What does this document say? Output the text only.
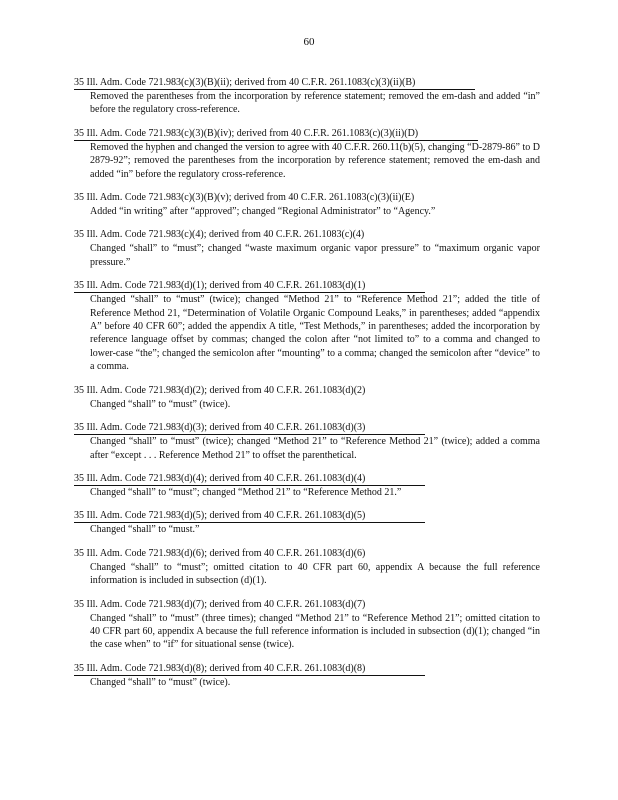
60
35 Ill. Adm. Code 721.983(c)(3)(B)(ii); derived from 40 C.F.R. 261.1083(c)(3)(ii)(B)
Removed the parentheses from the incorporation by reference statement; removed the em-dash and added “in” before the regulatory cross-reference.
35 Ill. Adm. Code 721.983(c)(3)(B)(iv); derived from 40 C.F.R. 261.1083(c)(3)(ii)(D)
Removed the hyphen and changed the version to agree with 40 C.F.R. 260.11(b)(5), changing “D-2879-86” to D 2879-92”; removed the parentheses from the incorporation by reference statement; removed the em-dash and added “in” before the regulatory cross-reference.
35 Ill. Adm. Code 721.983(c)(3)(B)(v); derived from 40 C.F.R. 261.1083(c)(3)(ii)(E)
Added “in writing” after “approved”; changed “Regional Administrator” to “Agency.”
35 Ill. Adm. Code 721.983(c)(4); derived from 40 C.F.R. 261.1083(c)(4)
Changed “shall” to “must”; changed “waste maximum organic vapor pressure” to “maximum organic vapor pressure.”
35 Ill. Adm. Code 721.983(d)(1); derived from 40 C.F.R. 261.1083(d)(1)
Changed “shall” to “must” (twice); changed “Method 21” to “Reference Method 21”; added the title of Reference Method 21, “Determination of Volatile Organic Compound Leaks,” in parentheses; added “appendix A” before 40 CFR 60”; added the appendix A title, “Test Methods,” in parentheses; added the incorporation by reference language offset by commas; changed the colon after “not limited to” to a comma and changed to lower-case “the”; changed the semicolon after “mounting” to a comma; changed the semicolon after “device” to a comma.
35 Ill. Adm. Code 721.983(d)(2); derived from 40 C.F.R. 261.1083(d)(2)
Changed “shall” to “must” (twice).
35 Ill. Adm. Code 721.983(d)(3); derived from 40 C.F.R. 261.1083(d)(3)
Changed “shall” to “must” (twice); changed “Method 21” to “Reference Method 21” (twice); added a comma after “except . . . Reference Method 21” to offset the parenthetical.
35 Ill. Adm. Code 721.983(d)(4); derived from 40 C.F.R. 261.1083(d)(4)
Changed “shall” to “must”; changed “Method 21” to “Reference Method 21.”
35 Ill. Adm. Code 721.983(d)(5); derived from 40 C.F.R. 261.1083(d)(5)
Changed “shall” to “must.”
35 Ill. Adm. Code 721.983(d)(6); derived from 40 C.F.R. 261.1083(d)(6)
Changed “shall” to “must”; omitted citation to 40 CFR part 60, appendix A because the full reference information is included in subsection (d)(1).
35 Ill. Adm. Code 721.983(d)(7); derived from 40 C.F.R. 261.1083(d)(7)
Changed “shall” to “must” (three times); changed “Method 21” to “Reference Method 21”; omitted citation to 40 CFR part 60, appendix A because the full reference information is included in subsection (d)(1); changed “in the case when” to “if” for situational sense (twice).
35 Ill. Adm. Code 721.983(d)(8); derived from 40 C.F.R. 261.1083(d)(8)
Changed “shall” to “must” (twice).
